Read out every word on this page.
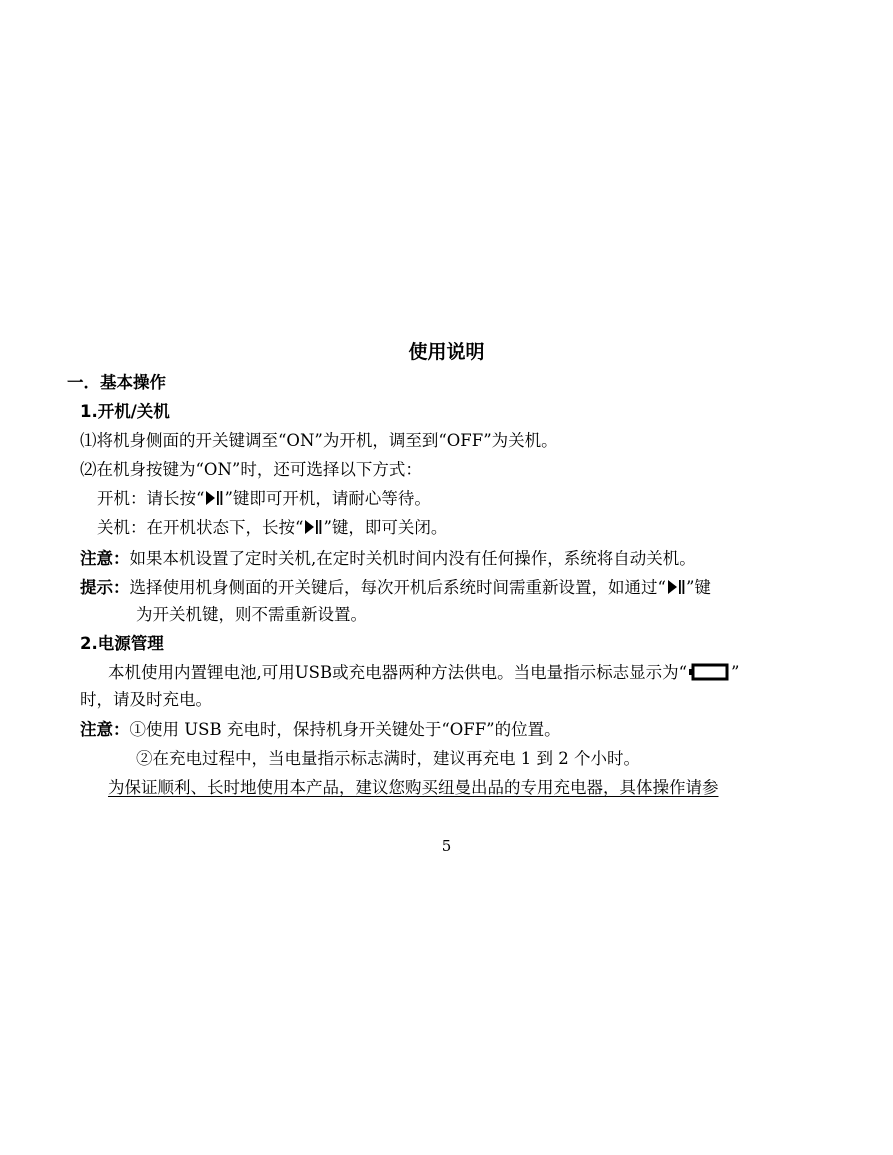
使用说明
一．基本操作
1.开机/关机
⑴将机身侧面的开关键调至“ON”为开机，调至到“OFF”为关机。
⑵在机身按键为“ON”时，还可选择以下方式：
开机：请长按“ ”键即可开机，请耐心等待。
关机：在开机状态下，长按“ ”键，即可关闭。
注意：如果本机设置了定时关机,在定时关机时间内没有任何操作，系统将自动关机。
提示：选择使用机身侧面的开关键后，每次开机后系统时间需重新设置，如通过“ ”键
为开关机键，则不需重新设置。
2.电源管理
本机使用内置锂电池,可用USB或充电器两种方法供电。当电量指示标志显示为“	”
时，请及时充电。
注意：①使用 USB 充电时，保持机身开关键处于“OFF”的位置。
②在充电过程中，当电量指示标志满时，建议再充电 1 到 2 个小时。
为保证顺利、长时地使用本产品，建议您购买纽曼出品的专用充电器，具体操作请参
5
